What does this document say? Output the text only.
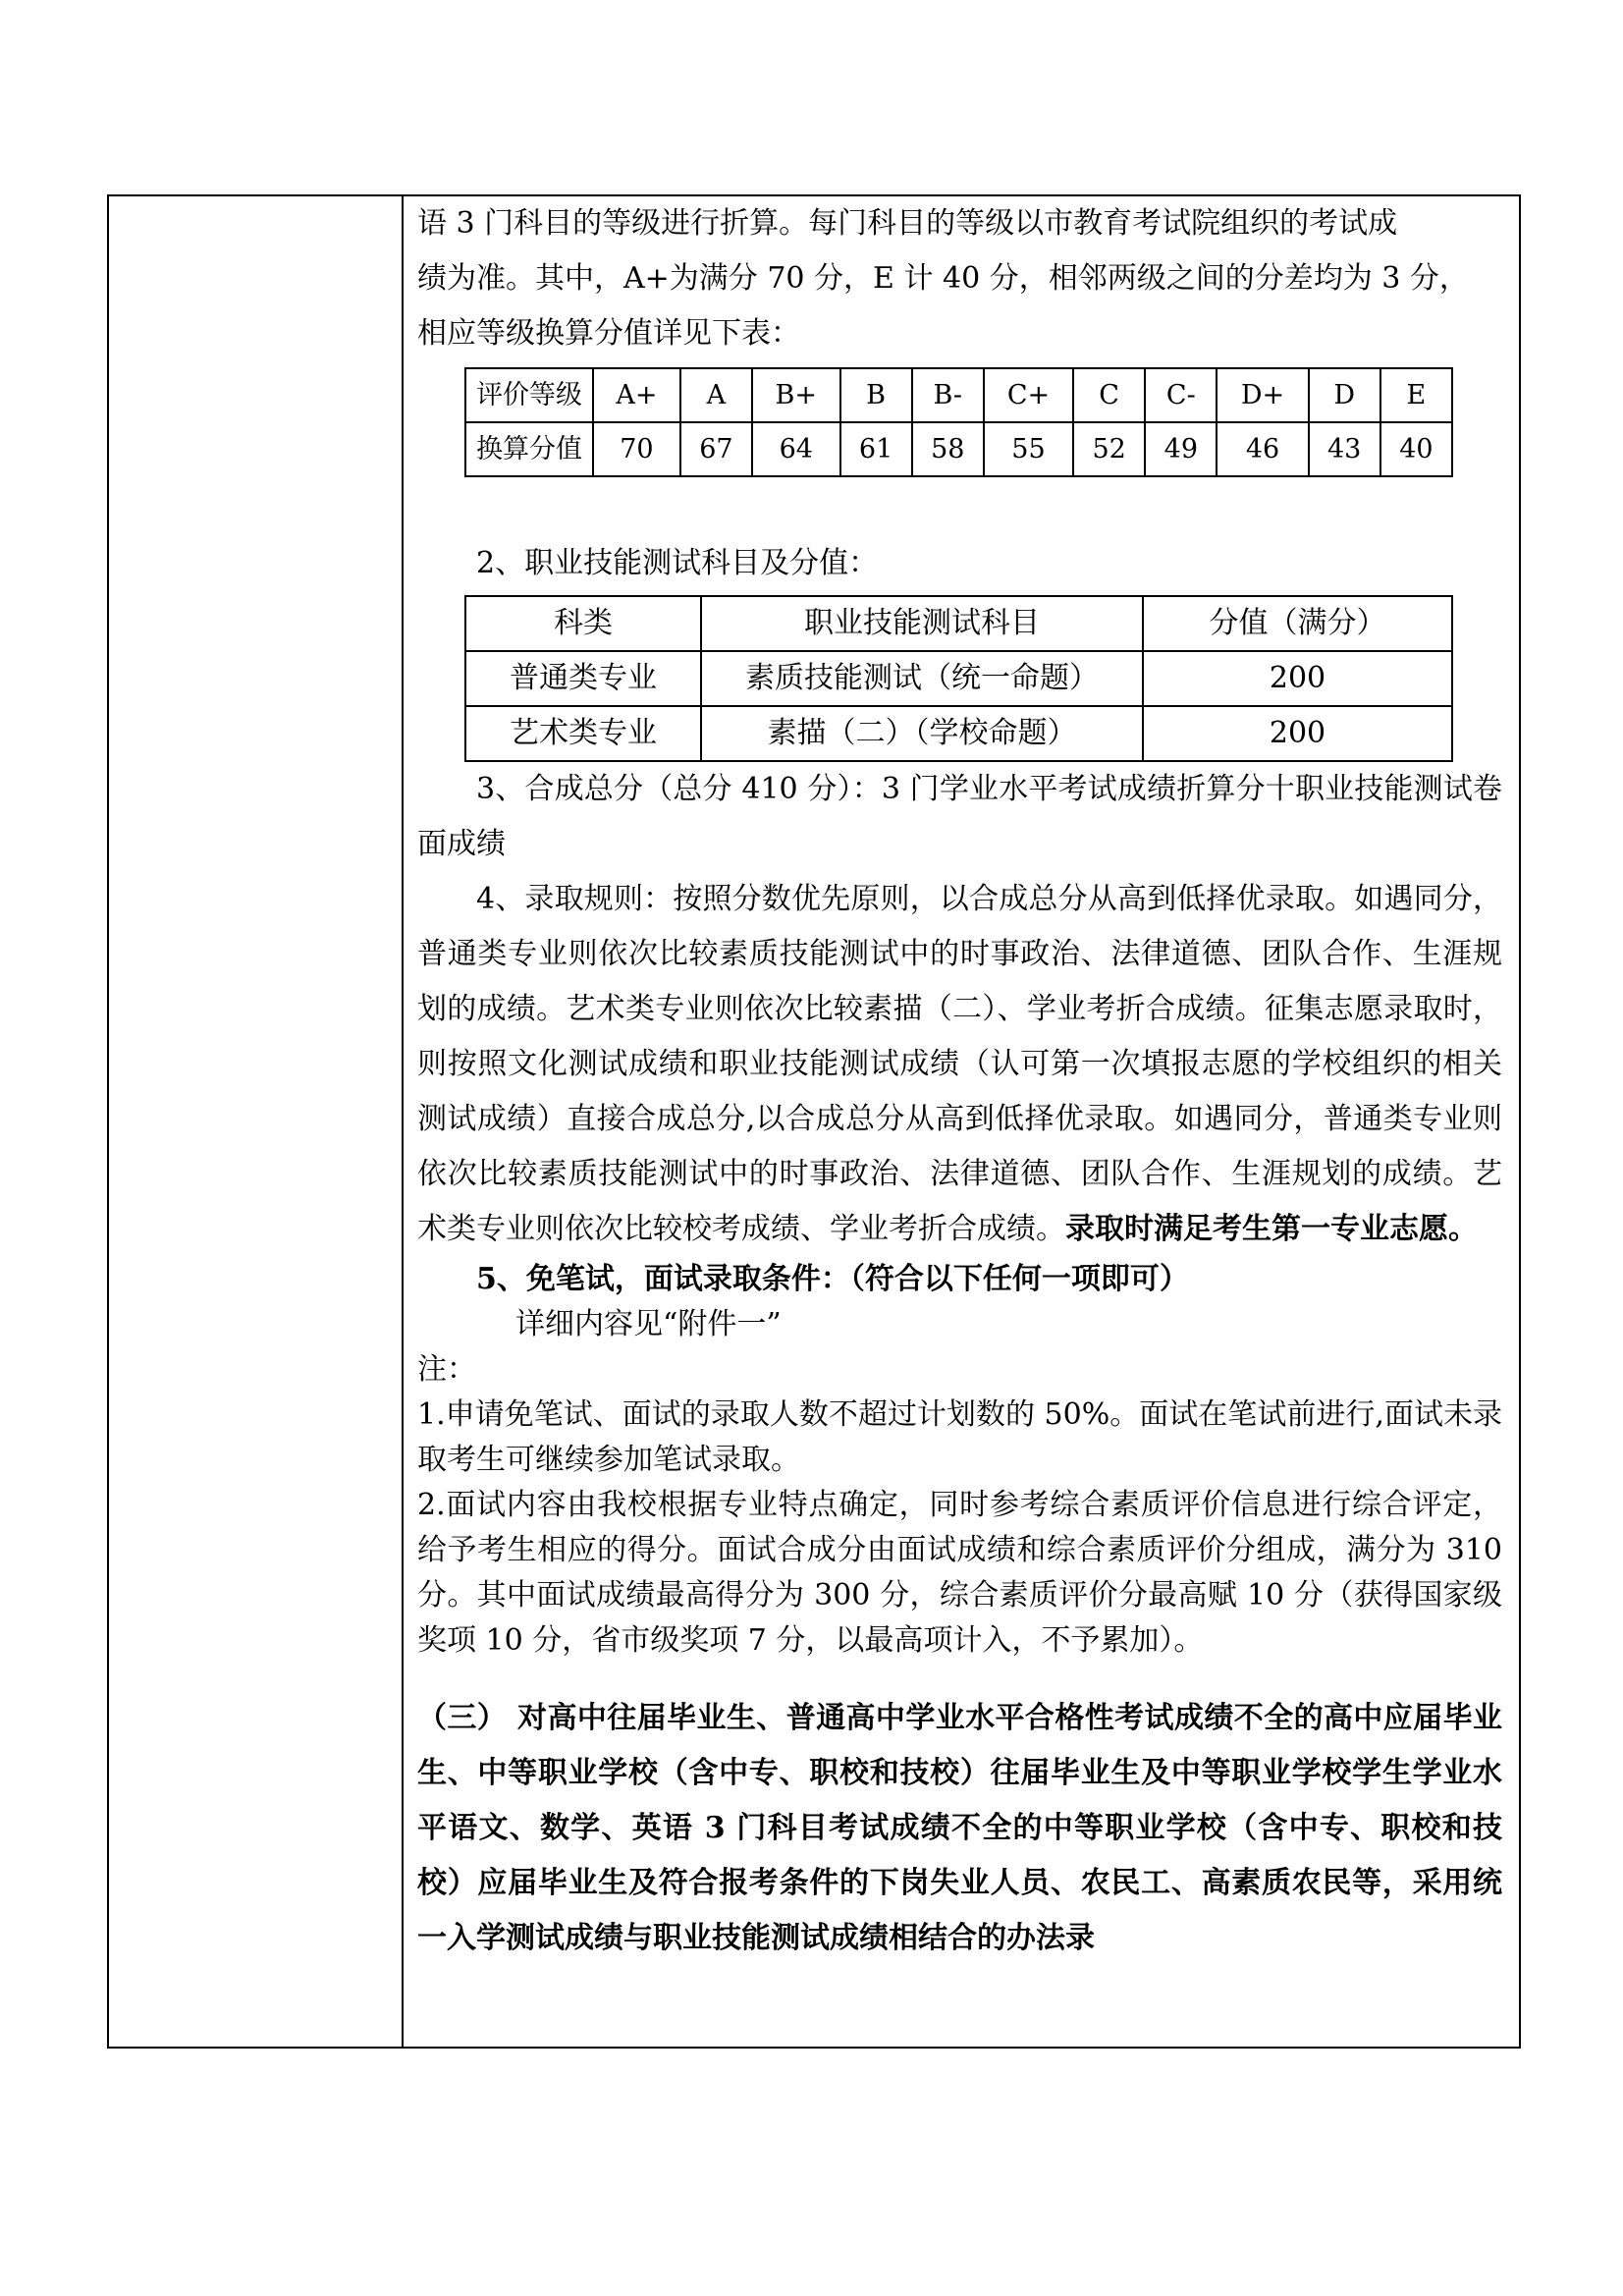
语 3 门科目的等级进行折算。每门科目的等级以市教育考试院组织的考试成

绩为准。其中，A+为满分 70 分，E 计 40 分，相邻两级之间的分差均为 3 分，

相应等级换算分值详见下表：

评价等级	A+	A	B+	B	B-	C+	C	C-	D+	D	E
换算分值	70	67	64	61	58	55	52	49	46	43	40

2、职业技能测试科目及分值：

科类	职业技能测试科目	分值（满分）
普通类专业	素质技能测试（统一命题）	200
艺术类专业	素描（二）（学校命题）	200

3、合成总分（总分 410 分）：3 门学业水平考试成绩折算分十职业技能测试卷面成绩

4、录取规则：按照分数优先原则，以合成总分从高到低择优录取。如遇同分，普通类专业则依次比较素质技能测试中的时事政治、法律道德、团队合作、生涯规划的成绩。艺术类专业则依次比较素描（二）、学业考折合成绩。征集志愿录取时，则按照文化测试成绩和职业技能测试成绩（认可第一次填报志愿的学校组织的相关测试成绩）直接合成总分,以合成总分从高到低择优录取。如遇同分，普通类专业则依次比较素质技能测试中的时事政治、法律道德、团队合作、生涯规划的成绩。艺术类专业则依次比较校考成绩、学业考折合成绩。录取时满足考生第一专业志愿。

5、免笔试，面试录取条件：（符合以下任何一项即可）

详细内容见“附件一”

注：

1.申请免笔试、面试的录取人数不超过计划数的 50%。面试在笔试前进行,面试未录取考生可继续参加笔试录取。

2.面试内容由我校根据专业特点确定，同时参考综合素质评价信息进行综合评定，给予考生相应的得分。面试合成分由面试成绩和综合素质评价分组成，满分为 310 分。其中面试成绩最高得分为 300 分，综合素质评价分最高赋 10 分（获得国家级奖项 10 分，省市级奖项 7 分，以最高项计入，不予累加）。

（三） 对高中往届毕业生、普通高中学业水平合格性考试成绩不全的高中应届毕业生、中等职业学校（含中专、职校和技校）往届毕业生及中等职业学校学生学业水平语文、数学、英语 3 门科目考试成绩不全的中等职业学校（含中专、职校和技校）应届毕业生及符合报考条件的下岗失业人员、农民工、高素质农民等，采用统一入学测试成绩与职业技能测试成绩相结合的办法录
